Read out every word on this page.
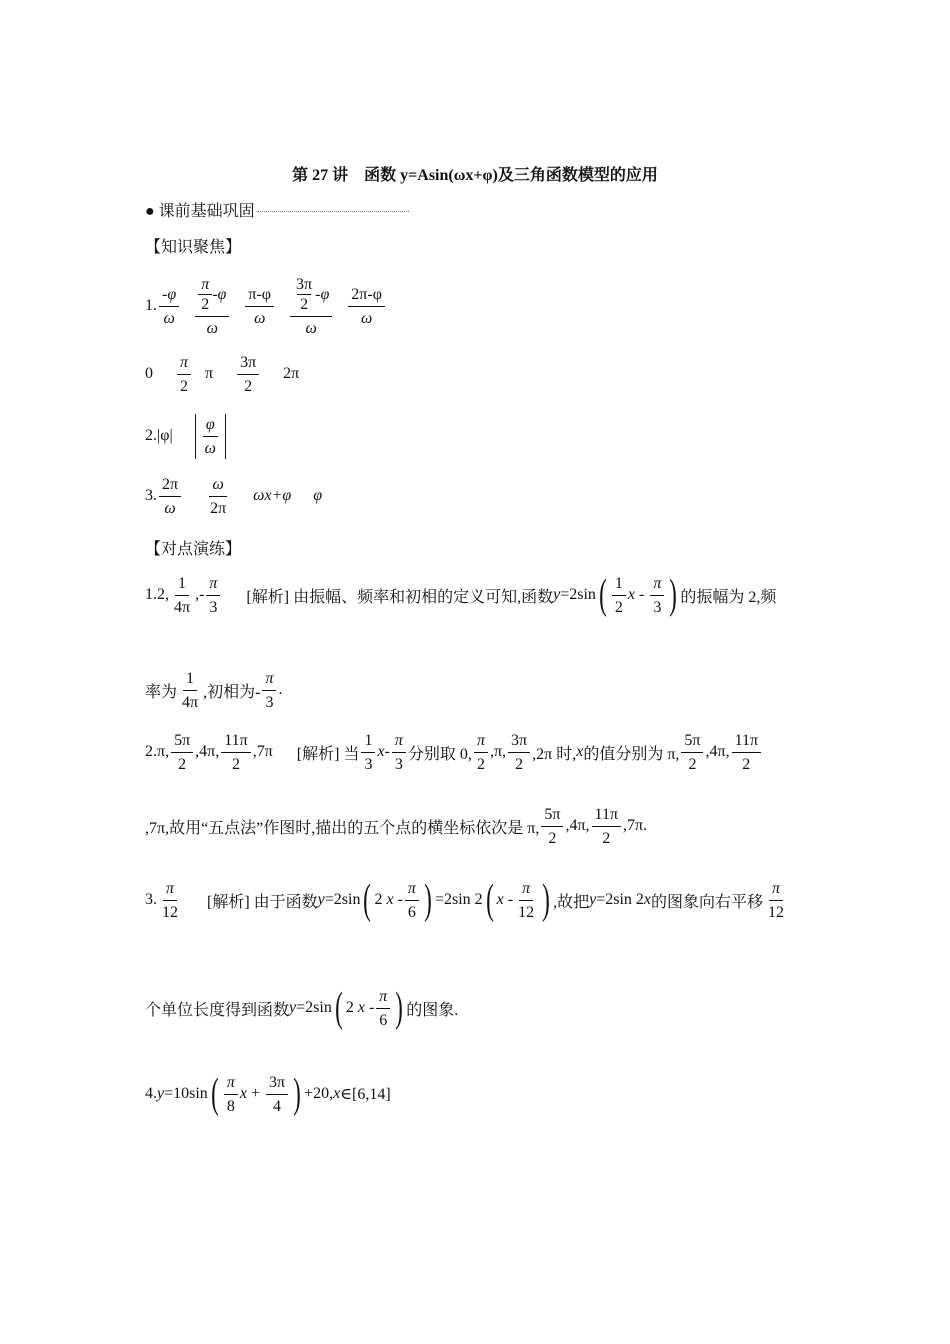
第 27 讲　函数 y=Asin(ωx+φ)及三角函数模型的应用
● 课前基础巩固
【知识聚焦】
1. $\frac{-\varphi}{\omega} \frac{\frac{\pi}{2} -\varphi}{\omega} \frac{\pi-\varphi}{\omega} \frac{\frac{3\pi}{2} -\varphi}{\omega} \frac{2\pi-\varphi}{\omega}$
$0 \frac{\pi}{2}$ π $\frac{3\pi}{2} 2\pi$
$2.|\varphi| \frac{\varphi}{\omega}$
3. $\frac{2\pi}{\omega} \frac{\omega}{2\pi} \omega x+\varphi$ φ
【对点演练】
1.2, $\frac{1}{4\pi}$ ,- $\frac{\pi}{3}$ [解析] 由振幅、频率和初相的定义可知,函数 y =2sin ( $\frac{1}{2}$ x
-
$\frac{\pi}{3}$ ) 的振幅为 2,频
率为 $\frac{1}{4\pi}$ ,初相为- $\frac{\pi}{3}$ .
2.π, $\frac{5\pi}{2} ,4\pi$, $\frac{11\pi}{2} ,7\pi$ [解析] 当 $\frac{1}{3}$ x - $\frac{\pi}{3}$ 分别取 0, $\frac{\pi}{2} ,\pi$, $\frac{3\pi}{2} ,2\pi$ 时, x 的值分别为 π, $\frac{5\pi}{2} ,4\pi$, $\frac{11\pi}{2}$
,7π,故用“五点法”作图时,描出的五个点的横坐标依次是 π, $\frac{5\pi}{2} ,4\pi$, $\frac{11\pi}{2} ,7\pi$.
3. $\frac{\pi}{12}$ [解析] 由于函数 y =2sin ( 2
x
- $\frac{\pi}{6}$ ) =2sin 2 ( x
- $\frac{\pi}{12}$ ) ,故把 y =2sin 2 x 的图象向右平移 $\frac{\pi}{12}$
个单位长度得到函数 y =2sin ( 2
x
- $\frac{\pi}{6}$ ) 的图象.
4. y =10sin ( $\frac{\pi}{8}$ x
+
$\frac{3\pi}{4}$ ) +20, x ∈[6,14]
